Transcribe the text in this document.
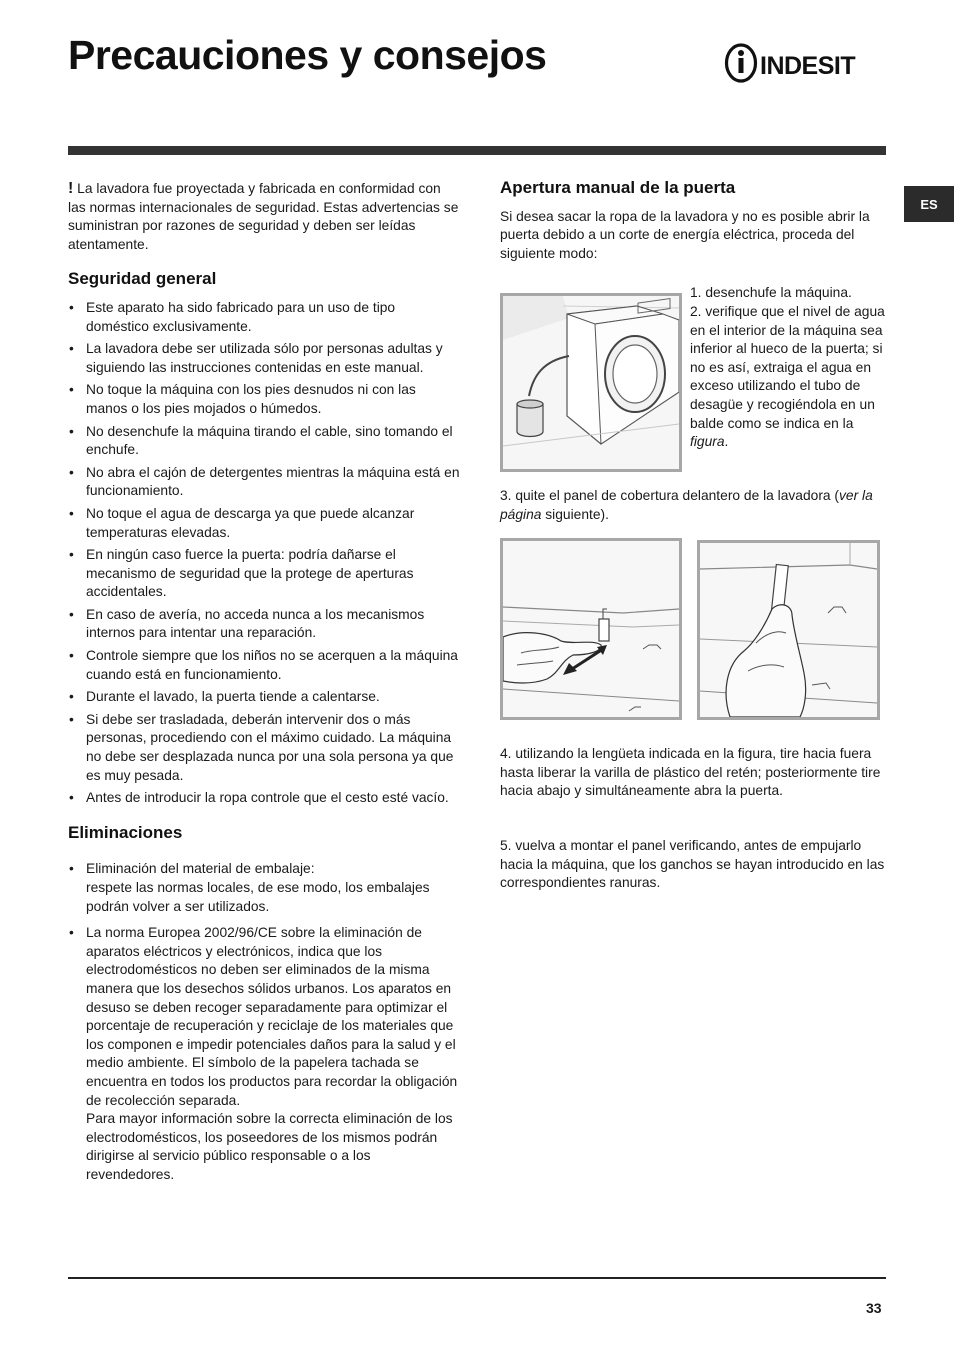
Precauciones y consejos	INDESIT
ES

! La lavadora fue proyectada y fabricada en conformidad con las normas internacionales de seguridad. Estas advertencias se suministran por razones de seguridad y deben ser leídas atentamente.

Seguridad general
• Este aparato ha sido fabricado para un uso de tipo doméstico exclusivamente.
• La lavadora debe ser utilizada sólo por personas adultas y siguiendo las instrucciones contenidas en este manual.
• No toque la máquina con los pies desnudos ni con las manos o los pies mojados o húmedos.
• No desenchufe la máquina tirando el cable, sino tomando el enchufe.
• No abra el cajón de detergentes mientras la máquina está en funcionamiento.
• No toque el agua de descarga ya que puede alcanzar temperaturas elevadas.
• En ningún caso fuerce la puerta: podría dañarse el mecanismo de seguridad que la protege de aperturas accidentales.
• En caso de avería, no acceda nunca a los mecanismos internos para intentar una reparación.
• Controle siempre que los niños no se acerquen a la máquina cuando está en funcionamiento.
• Durante el lavado, la puerta tiende a calentarse.
• Si debe ser trasladada, deberán intervenir dos o más personas, procediendo con el máximo cuidado. La máquina no debe ser desplazada nunca por una sola persona ya que es muy pesada.
• Antes de introducir la ropa controle que el cesto esté vacío.
Eliminaciones
• Eliminación del material de embalaje:
respete las normas locales, de ese modo, los embalajes podrán volver a ser utilizados.
• La norma Europea 2002/96/CE sobre la eliminación de aparatos eléctricos y electrónicos, indica que los electrodomésticos no deben ser eliminados de la misma manera que los desechos sólidos urbanos. Los aparatos en desuso se deben recoger separadamente para optimizar el porcentaje de recuperación y reciclaje de los materiales que los componen e impedir potenciales daños para la salud y el medio ambiente. El símbolo de la papelera tachada se encuentra en todos los productos para recordar la obligación de recolección separada.
Para mayor información sobre la correcta eliminación de los electrodomésticos, los poseedores de los mismos podrán dirigirse al servicio público responsable o a los revendedores.
Apertura manual de la puerta

Si desea sacar la ropa de la lavadora y no es posible abrir la puerta debido a un corte de energía eléctrica, proceda del siguiente modo:

1. desenchufe la máquina.

2. verifique que el nivel de agua en el interior de la máquina sea inferior al hueco de la puerta; si no es así, extraiga el agua en exceso utilizando el tubo de desagüe y recogiéndola en un balde como se indica en la figura.

3. quite el panel de cobertura delantero de la lavadora (ver la página siguiente).

4. utilizando la lengüeta indicada en la figura, tire hacia fuera hasta liberar la varilla de plástico del retén; posteriormente tire hacia abajo y simultáneamente abra la puerta.

5. vuelva a montar el panel verificando, antes de empujarlo hacia la máquina, que los ganchos se hayan introducido en las correspondientes ranuras.

33
